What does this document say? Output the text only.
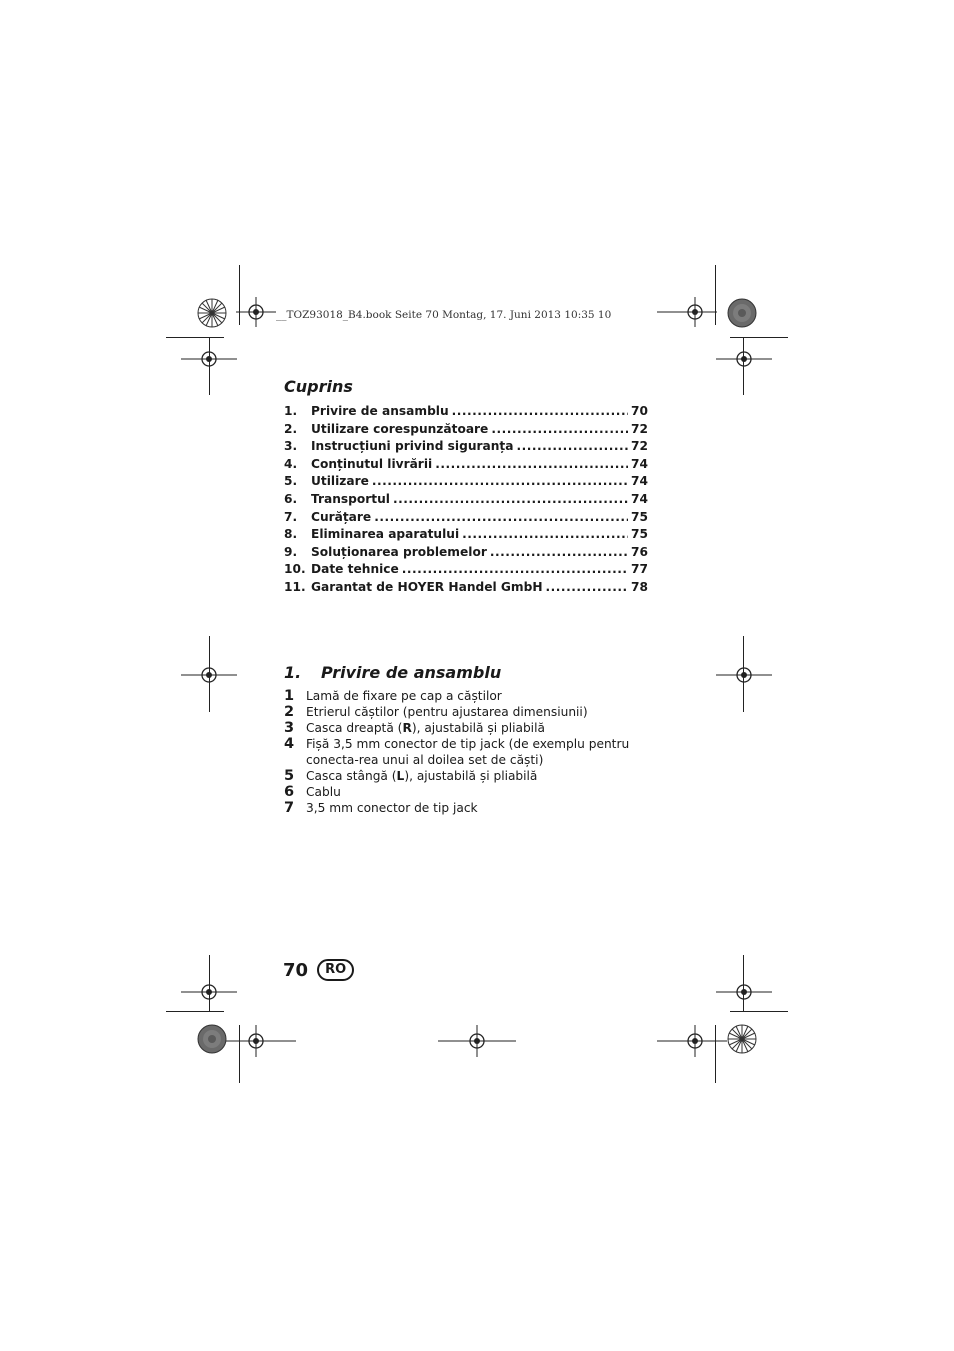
__TOZ93018_B4.book Seite 70 Montag, 17. Juni 2013 10:35 10
Cuprins
1.	Privire de ansamblu .....	70
2.	Utilizare corespunzătoare .....	72
3.	Instrucțiuni privind siguranța .....	72
4.	Conținutul livrării .....	74
5.	Utilizare .....	74
6.	Transportul .....	74
7.	Curățare .....	75
8.	Eliminarea aparatului .....	75
9.	Soluționarea problemelor .....	76
10. Date tehnice .....	77
11. Garantat de HOYER Handel GmbH .....	78
1. Privire de ansamblu
1 Lamă de fixare pe cap a căștilor
2 Etrierul căștilor (pentru ajustarea dimensiunii)
3 Casca dreaptă (R), ajustabilă și pliabilă
4 Fișă 3,5 mm conector de tip jack (de exemplu pentru conecta-rea unui al doilea set de căști)
5 Casca stângă (L), ajustabilă și pliabilă
6 Cablu
7 3,5 mm conector de tip jack
70	RO
